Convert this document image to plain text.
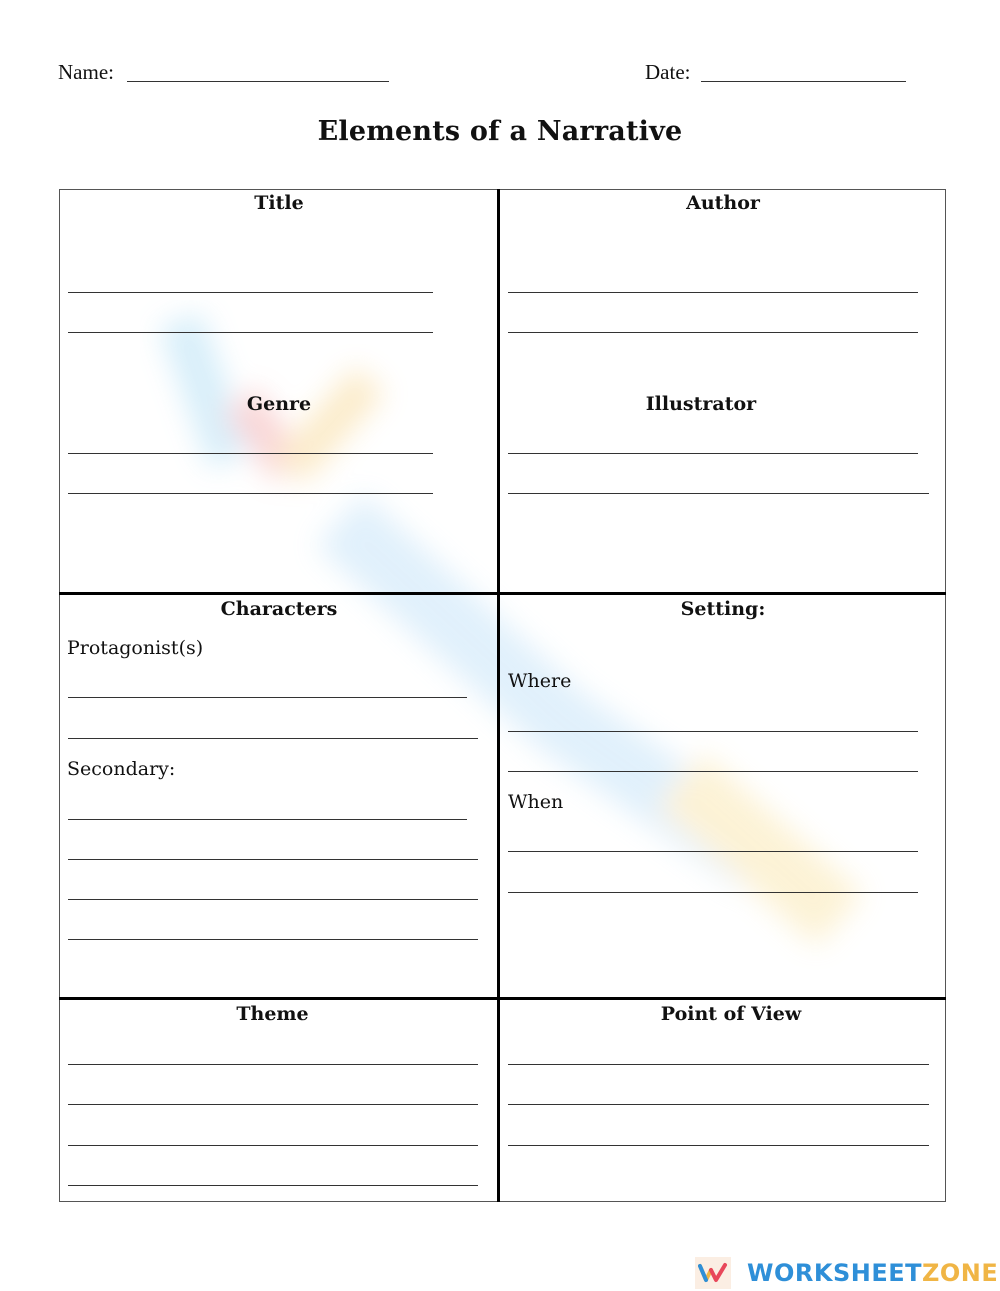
Name:	Date:
Elements of a Narrative
Title
Genre
Author
Illustrator
Characters
Protagonist(s)
Secondary:
Setting:
Where
When
Theme	Point of View
WORKSHEET ZONE
